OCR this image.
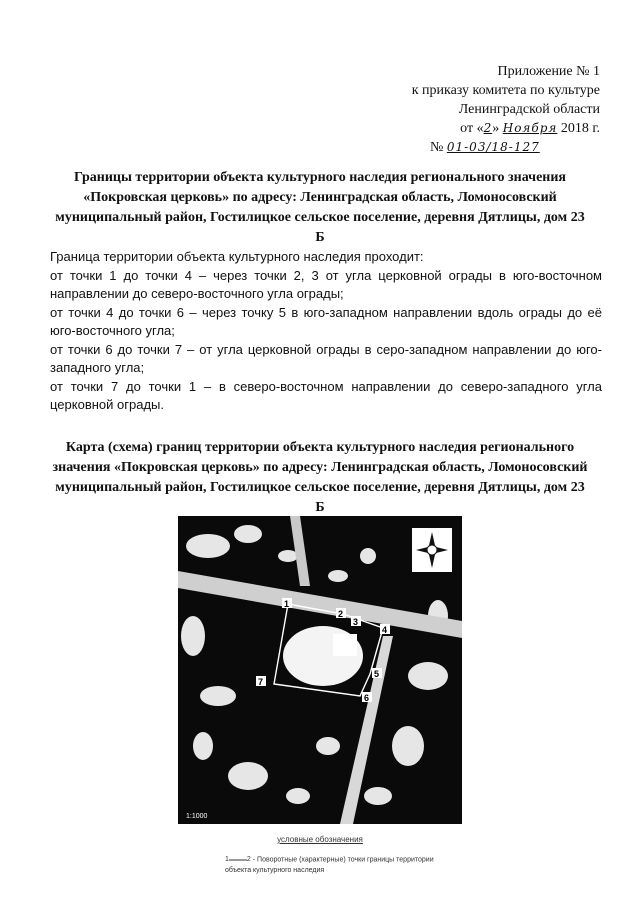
Приложение № 1
к приказу комитета по культуре
Ленинградской области
от «2» Ноября 2018 г.
№ 01-03/18-127
Границы территории объекта культурного наследия регионального значения «Покровская церковь» по адресу: Ленинградская область, Ломоносовский муниципальный район, Гостилицкое сельское поселение, деревня Дятлицы, дом 23 Б

Граница территории объекта культурного наследия проходит:

от точки 1 до точки 4 – через точки 2, 3 от угла церковной ограды в юго-восточном направлении до северо-восточного угла ограды;

от точки 4 до точки 6 – через точку 5 в юго-западном направлении вдоль ограды до её юго-восточного угла;

от точки 6 до точки 7 – от угла церковной ограды в серо-западном направлении до юго-западного угла;

от точки 7 до точки 1 – в северо-восточном направлении до северо-западного угла церковной ограды.

Карта (схема) границ территории объекта культурного наследия регионального значения «Покровская церковь» по адресу: Ленинградская область, Ломоносовский муниципальный район, Гостилицкое сельское поселение, деревня Дятлицы, дом 23 Б
1
2
3
4
5
6
7
1:1000
условные обозначения
1	2 - Поворотные (характерные) точки границы территории объекта культурного наследия
